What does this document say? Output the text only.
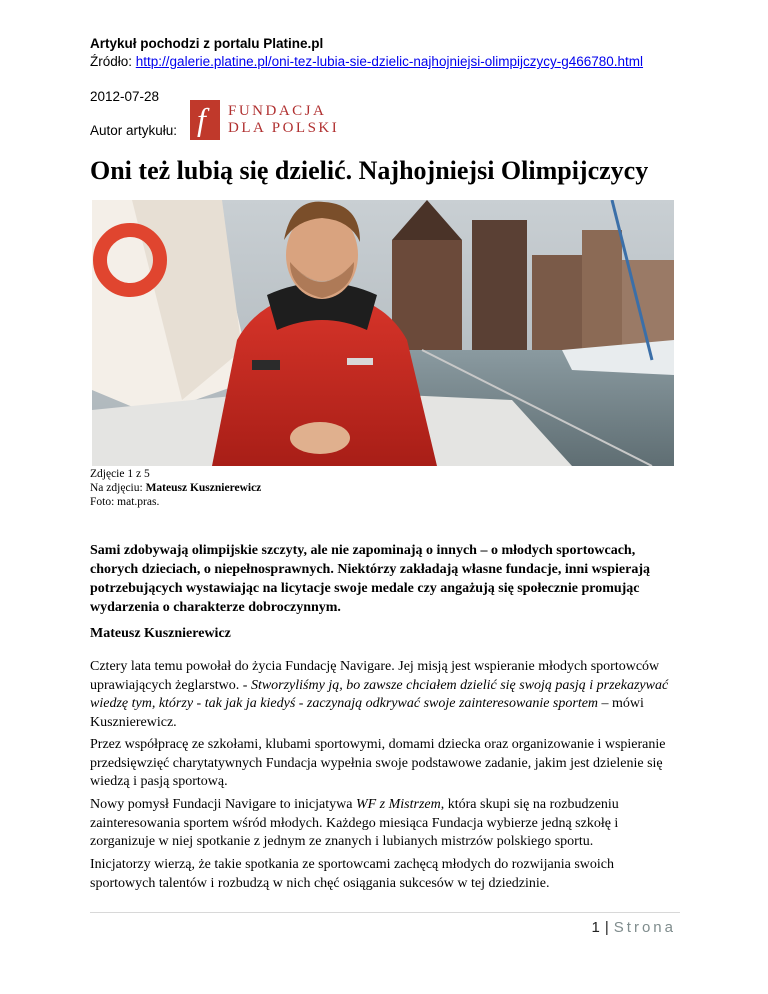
Artykuł pochodzi z portalu Platine.pl
Źródło: http://galerie.platine.pl/oni-tez-lubia-sie-dzielic-najhojniejsi-olimpijczycy-g466780.html
2012-07-28
Autor artykułu: f FUNDACJA
DLA POLSKI
Oni też lubią się dzielić. Najhojniejsi Olimpijczycy
Zdjęcie 1 z 5
Na zdjęciu: Mateusz Kusznierewicz
Foto: mat.pras.

Sami zdobywają olimpijskie szczyty, ale nie zapominają o innych – o młodych sportowcach, chorych dzieciach, o niepełnosprawnych. Niektórzy zakładają własne fundacje, inni wspierają potrzebujących wystawiając na licytacje swoje medale czy angażują się społecznie promując wydarzenia o charakterze dobroczynnym.

Mateusz Kusznierewicz

Cztery lata temu powołał do życia Fundację Navigare. Jej misją jest wspieranie młodych sportowców uprawiających żeglarstwo. - Stworzyliśmy ją, bo zawsze chciałem dzielić się swoją pasją i przekazywać wiedzę tym, którzy - tak jak ja kiedyś - zaczynają odkrywać swoje zainteresowanie sportem – mówi Kusznierewicz.

Przez współpracę ze szkołami, klubami sportowymi, domami dziecka oraz organizowanie i wspieranie przedsięwzięć charytatywnych Fundacja wypełnia swoje podstawowe zadanie, jakim jest dzielenie się wiedzą i pasją sportową.

Nowy pomysł Fundacji Navigare to inicjatywa WF z Mistrzem, która skupi się na rozbudzeniu zainteresowania sportem wśród młodych. Każdego miesiąca Fundacja wybierze jedną szkołę i zorganizuje w niej spotkanie z jednym ze znanych i lubianych mistrzów polskiego sportu.

Inicjatorzy wierzą, że takie spotkania ze sportowcami zachęcą młodych do rozwijania swoich sportowych talentów i rozbudzą w nich chęć osiągania sukcesów w tej dziedzinie.

1 | Strona
